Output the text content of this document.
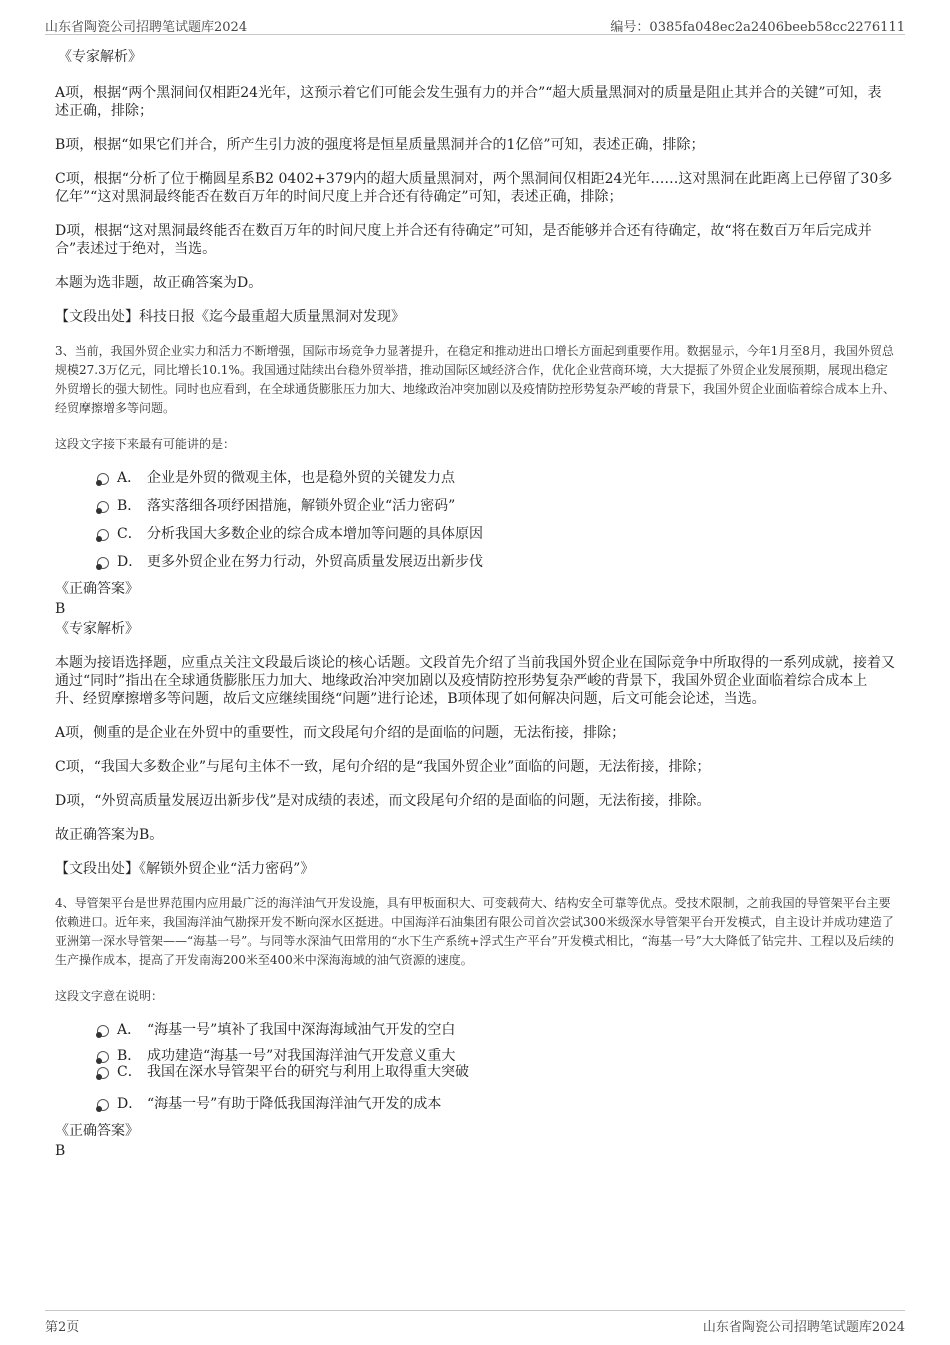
山东省陶瓷公司招聘笔试题库2024	编号：0385fa048ec2a2406beeb58cc2276111

《专家解析》

A项，根据“两个黑洞间仅相距24光年，这预示着它们可能会发生强有力的并合”“超大质量黑洞对的质量是阻止其并合的关键”可知，表述正确，排除；

B项，根据“如果它们并合，所产生引力波的强度将是恒星质量黑洞并合的1亿倍”可知，表述正确，排除；

C项，根据“分析了位于椭圆星系B2 0402+379内的超大质量黑洞对，两个黑洞间仅相距24光年……这对黑洞在此距离上已停留了30多亿年”“这对黑洞最终能否在数百万年的时间尺度上并合还有待确定”可知，表述正确，排除；

D项，根据“这对黑洞最终能否在数百万年的时间尺度上并合还有待确定”可知，是否能够并合还有待确定，故“将在数百万年后完成并合”表述过于绝对，当选。

本题为选非题，故正确答案为D。

【文段出处】科技日报《迄今最重超大质量黑洞对发现》

3、当前，我国外贸企业实力和活力不断增强，国际市场竞争力显著提升，在稳定和推动进出口增长方面起到重要作用。数据显示，今年1月至8月，我国外贸总规模27.3万亿元，同比增长10.1%。我国通过陆续出台稳外贸举措，推动国际区域经济合作，优化企业营商环境，大大提振了外贸企业发展预期，展现出稳定外贸增长的强大韧性。同时也应看到，在全球通货膨胀压力加大、地缘政治冲突加剧以及疫情防控形势复杂严峻的背景下，我国外贸企业面临着综合成本上升、经贸摩擦增多等问题。

这段文字接下来最有可能讲的是：

A． 企业是外贸的微观主体，也是稳外贸的关键发力点
B． 落实落细各项纾困措施，解锁外贸企业“活力密码”
C． 分析我国大多数企业的综合成本增加等问题的具体原因
D． 更多外贸企业在努力行动，外贸高质量发展迈出新步伐

《正确答案》

B

《专家解析》

本题为接语选择题，应重点关注文段最后谈论的核心话题。文段首先介绍了当前我国外贸企业在国际竞争中所取得的一系列成就，接着又通过“同时”指出在全球通货膨胀压力加大、地缘政治冲突加剧以及疫情防控形势复杂严峻的背景下，我国外贸企业面临着综合成本上升、经贸摩擦增多等问题，故后文应继续围绕“问题”进行论述，B项体现了如何解决问题，后文可能会论述，当选。

A项，侧重的是企业在外贸中的重要性，而文段尾句介绍的是面临的问题，无法衔接，排除；

C项，“我国大多数企业”与尾句主体不一致，尾句介绍的是“我国外贸企业”面临的问题，无法衔接，排除；

D项，“外贸高质量发展迈出新步伐”是对成绩的表述，而文段尾句介绍的是面临的问题，无法衔接，排除。

故正确答案为B。

【文段出处】《解锁外贸企业“活力密码”》

4、导管架平台是世界范围内应用最广泛的海洋油气开发设施，具有甲板面积大、可变载荷大、结构安全可靠等优点。受技术限制，之前我国的导管架平台主要依赖进口。近年来，我国海洋油气勘探开发不断向深水区挺进。中国海洋石油集团有限公司首次尝试300米级深水导管架平台开发模式，自主设计并成功建造了亚洲第一深水导管架——“海基一号”。与同等水深油气田常用的“水下生产系统+浮式生产平台”开发模式相比，“海基一号”大大降低了钻完井、工程以及后续的生产操作成本，提高了开发南海200米至400米中深海海域的油气资源的速度。

这段文字意在说明：

A． “海基一号”填补了我国中深海海域油气开发的空白
B． 成功建造“海基一号”对我国海洋油气开发意义重大
C． 我国在深水导管架平台的研究与利用上取得重大突破
D． “海基一号”有助于降低我国海洋油气开发的成本

《正确答案》

B

第2页	山东省陶瓷公司招聘笔试题库2024
